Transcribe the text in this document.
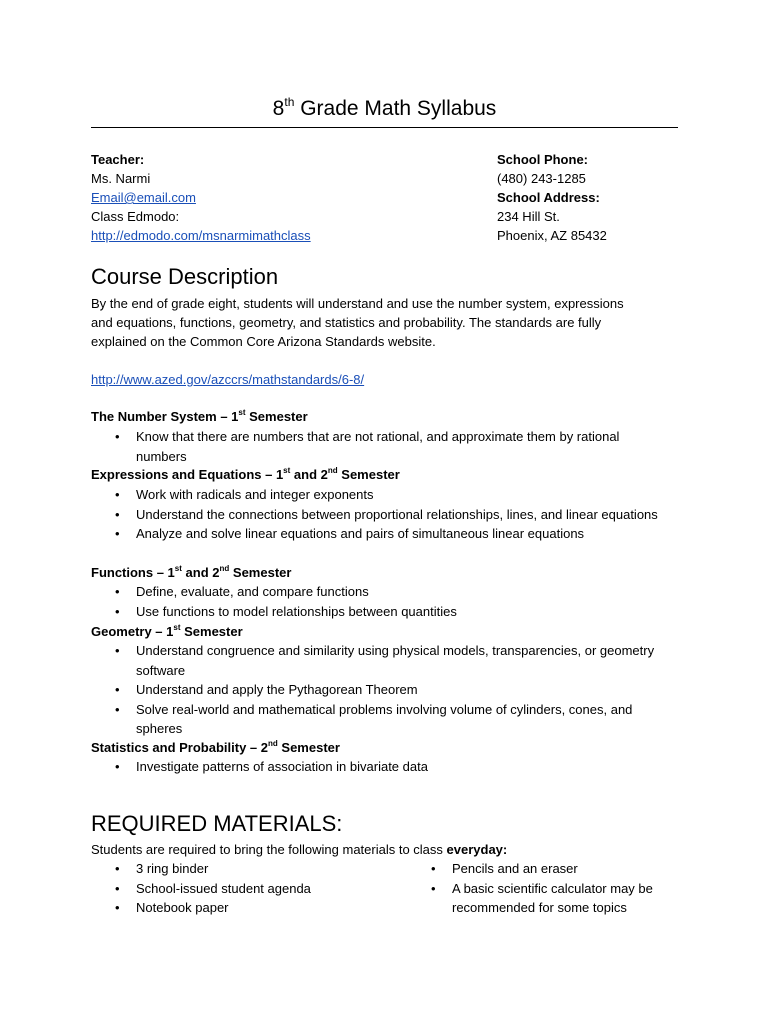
8th Grade Math Syllabus
Teacher:
Ms. Narmi
Email@email.com
Class Edmodo:
http://edmodo.com/msnarmimathclass
School Phone:
(480) 243-1285
School Address:
234 Hill St.
Phoenix, AZ 85432
Course Description
By the end of grade eight, students will understand and use the number system, expressions
and equations, functions, geometry, and statistics and probability. The standards are fully
explained on the Common Core Arizona Standards website.
http://www.azed.gov/azccrs/mathstandards/6-8/
The Number System – 1st Semester
• Know that there are numbers that are not rational, and approximate them by rational numbers
Expressions and Equations – 1st and 2nd Semester
• Work with radicals and integer exponents
• Understand the connections between proportional relationships, lines, and linear equations
• Analyze and solve linear equations and pairs of simultaneous linear equations
Functions – 1st and 2nd Semester
• Define, evaluate, and compare functions
• Use functions to model relationships between quantities
Geometry – 1st Semester
• Understand congruence and similarity using physical models, transparencies, or geometry software
• Understand and apply the Pythagorean Theorem
• Solve real-world and mathematical problems involving volume of cylinders, cones, and spheres
Statistics and Probability – 2nd Semester
• Investigate patterns of association in bivariate data
REQUIRED MATERIALS:
Students are required to bring the following materials to class everyday:
• 3 ring binder
• School-issued student agenda
• Notebook paper
• Pencils and an eraser
• A basic scientific calculator may be recommended for some topics
